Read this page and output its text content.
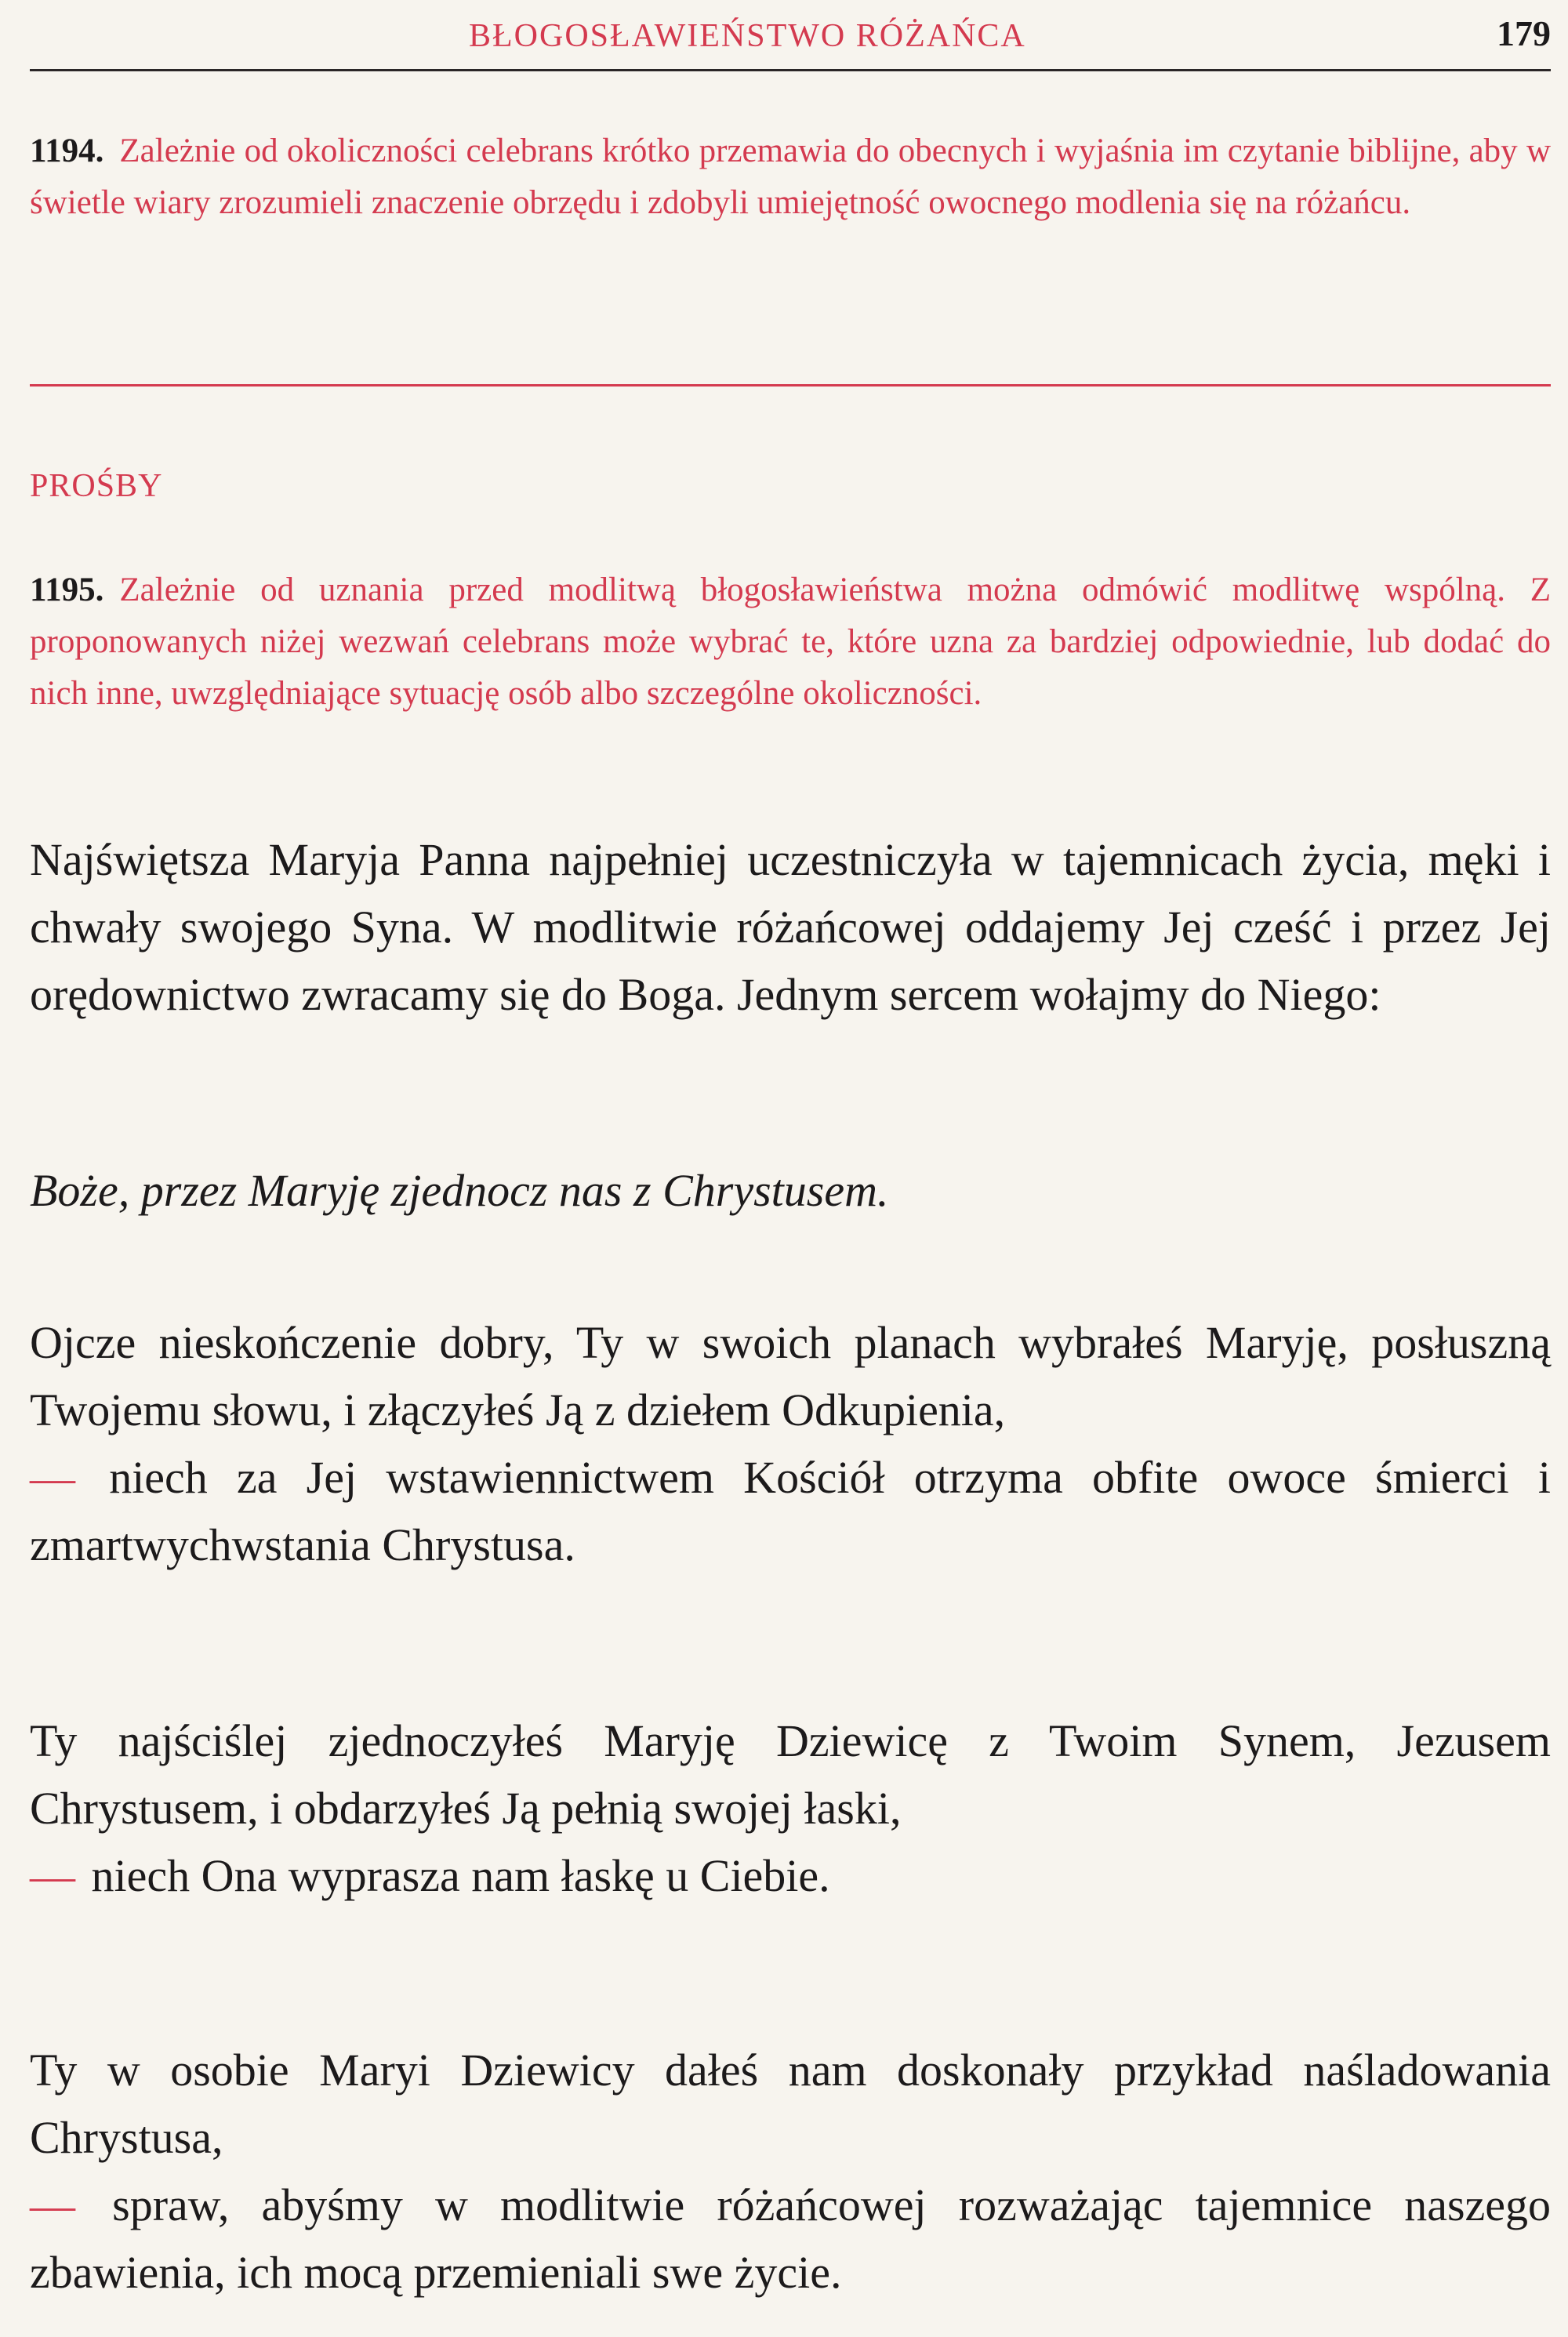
BŁOGOSŁAWIEŃSTWO RÓŻAŃCA	179

1194. Zależnie od okoliczności celebrans krótko przemawia do obecnych i wyjaśnia im czytanie biblijne, aby w świetle wiary zrozumieli znaczenie obrzędu i zdobyli umiejętność owocnego modlenia się na różańcu.

PROŚBY

1195. Zależnie od uznania przed modlitwą błogosławieństwa można odmówić modlitwę wspólną. Z proponowanych niżej wezwań celebrans może wybrać te, które uzna za bardziej odpowiednie, lub dodać do nich inne, uwzględniające sytuację osób albo szczególne okoliczności.

Najświętsza Maryja Panna najpełniej uczestniczyła w tajemnicach życia, męki i chwały swojego Syna. W modlitwie różańcowej oddajemy Jej cześć i przez Jej orędownictwo zwracamy się do Boga. Jednym sercem wołajmy do Niego:

Boże, przez Maryję zjednocz nas z Chrystusem.
Ojcze nieskończenie dobry, Ty w swoich planach wybrałeś Maryję, posłuszną Twojemu słowu, i złączyłeś Ją z dziełem Odkupienia,
— niech za Jej wstawiennictwem Kościół otrzyma obfite owoce śmierci i zmartwychwstania Chrystusa.
Ty najściślej zjednoczyłeś Maryję Dziewicę z Twoim Synem, Jezusem Chrystusem, i obdarzyłeś Ją pełnią swojej łaski,
— niech Ona wyprasza nam łaskę u Ciebie.
Ty w osobie Maryi Dziewicy dałeś nam doskonały przykład naśladowania Chrystusa,
— spraw, abyśmy w modlitwie różańcowej rozważając tajemnice naszego zbawienia, ich mocą przemieniali swe życie.
